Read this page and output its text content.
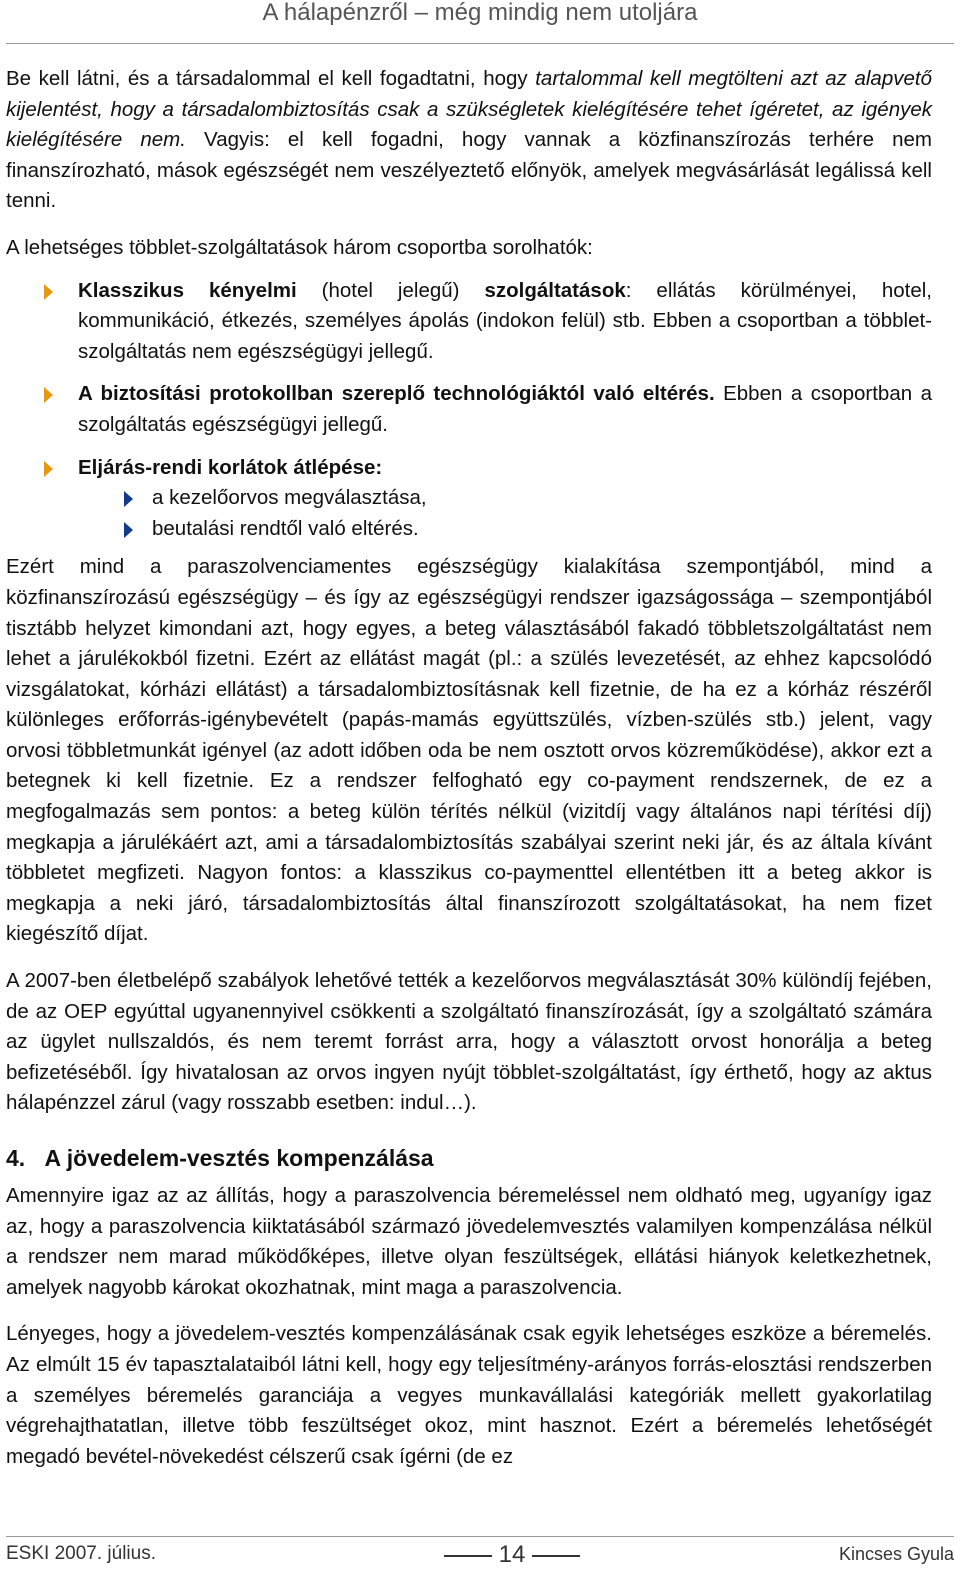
A hálapénzről – még mindig nem utoljára

Be kell látni, és a társadalommal el kell fogadtatni, hogy tartalommal kell megtölteni azt az alapvető kijelentést, hogy a társadalombiztosítás csak a szükségletek kielégítésére tehet ígéretet, az igények kielégítésére nem. Vagyis: el kell fogadni, hogy vannak a közfinanszírozás terhére nem finanszírozható, mások egészségét nem veszélyeztető előnyök, amelyek megvásárlását legálissá kell tenni.

A lehetséges többlet-szolgáltatások három csoportba sorolhatók:

Klasszikus kényelmi (hotel jelegű) szolgáltatások: ellátás körülményei, hotel, kommunikáció, étkezés, személyes ápolás (indokon felül) stb. Ebben a csoportban a többlet-szolgáltatás nem egészségügyi jellegű.
A biztosítási protokollban szereplő technológiáktól való eltérés. Ebben a csoportban a szolgáltatás egészségügyi jellegű.
Eljárás-rendi korlátok átlépése:
a kezelőorvos megválasztása,
beutalási rendtől való eltérés.

Ezért mind a paraszolvenciamentes egészségügy kialakítása szempontjából, mind a közfinanszírozású egészségügy – és így az egészségügyi rendszer igazságossága – szempontjából tisztább helyzet kimondani azt, hogy egyes, a beteg választásából fakadó többletszolgáltatást nem lehet a járulékokból fizetni. Ezért az ellátást magát (pl.: a szülés levezetését, az ehhez kapcsolódó vizsgálatokat, kórházi ellátást) a társadalombiztosításnak kell fizetnie, de ha ez a kórház részéről különleges erőforrás-igénybevételt (papás-mamás együttszülés, vízben-szülés stb.) jelent, vagy orvosi többletmunkát igényel (az adott időben oda be nem osztott orvos közreműködése), akkor ezt a betegnek ki kell fizetnie. Ez a rendszer felfogható egy co-payment rendszernek, de ez a megfogalmazás sem pontos: a beteg külön térítés nélkül (vizitdíj vagy általános napi térítési díj) megkapja a járulékáért azt, ami a társadalombiztosítás szabályai szerint neki jár, és az általa kívánt többletet megfizeti. Nagyon fontos: a klasszikus co-paymenttel ellentétben itt a beteg akkor is megkapja a neki járó, társadalombiztosítás által finanszírozott szolgáltatásokat, ha nem fizet kiegészítő díjat.

A 2007-ben életbelépő szabályok lehetővé tették a kezelőorvos megválasztását 30% különdíj fejében, de az OEP egyúttal ugyanennyivel csökkenti a szolgáltató finanszírozását, így a szolgáltató számára az ügylet nullszaldós, és nem teremt forrást arra, hogy a választott orvost honorálja a beteg befizetéséből. Így hivatalosan az orvos ingyen nyújt többlet-szolgáltatást, így érthető, hogy az aktus hálapénzzel zárul (vagy rosszabb esetben: indul…).

4. A jövedelem-vesztés kompenzálása

Amennyire igaz az az állítás, hogy a paraszolvencia béremeléssel nem oldható meg, ugyanígy igaz az, hogy a paraszolvencia kiiktatásából származó jövedelemvesztés valamilyen kompenzálása nélkül a rendszer nem marad működőképes, illetve olyan feszültségek, ellátási hiányok keletkezhetnek, amelyek nagyobb károkat okozhatnak, mint maga a paraszolvencia.

Lényeges, hogy a jövedelem-vesztés kompenzálásának csak egyik lehetséges eszköze a béremelés. Az elmúlt 15 év tapasztalataiból látni kell, hogy egy teljesítmény-arányos forrás-elosztási rendszerben a személyes béremelés garanciája a vegyes munkavállalási kategóriák mellett gyakorlatilag végrehajthatatlan, illetve több feszültséget okoz, mint hasznot. Ezért a béremelés lehetőségét megadó bevétel-növekedést célszerű csak ígérni (de ez

ESKI 2007. július.	14	Kincses Gyula
